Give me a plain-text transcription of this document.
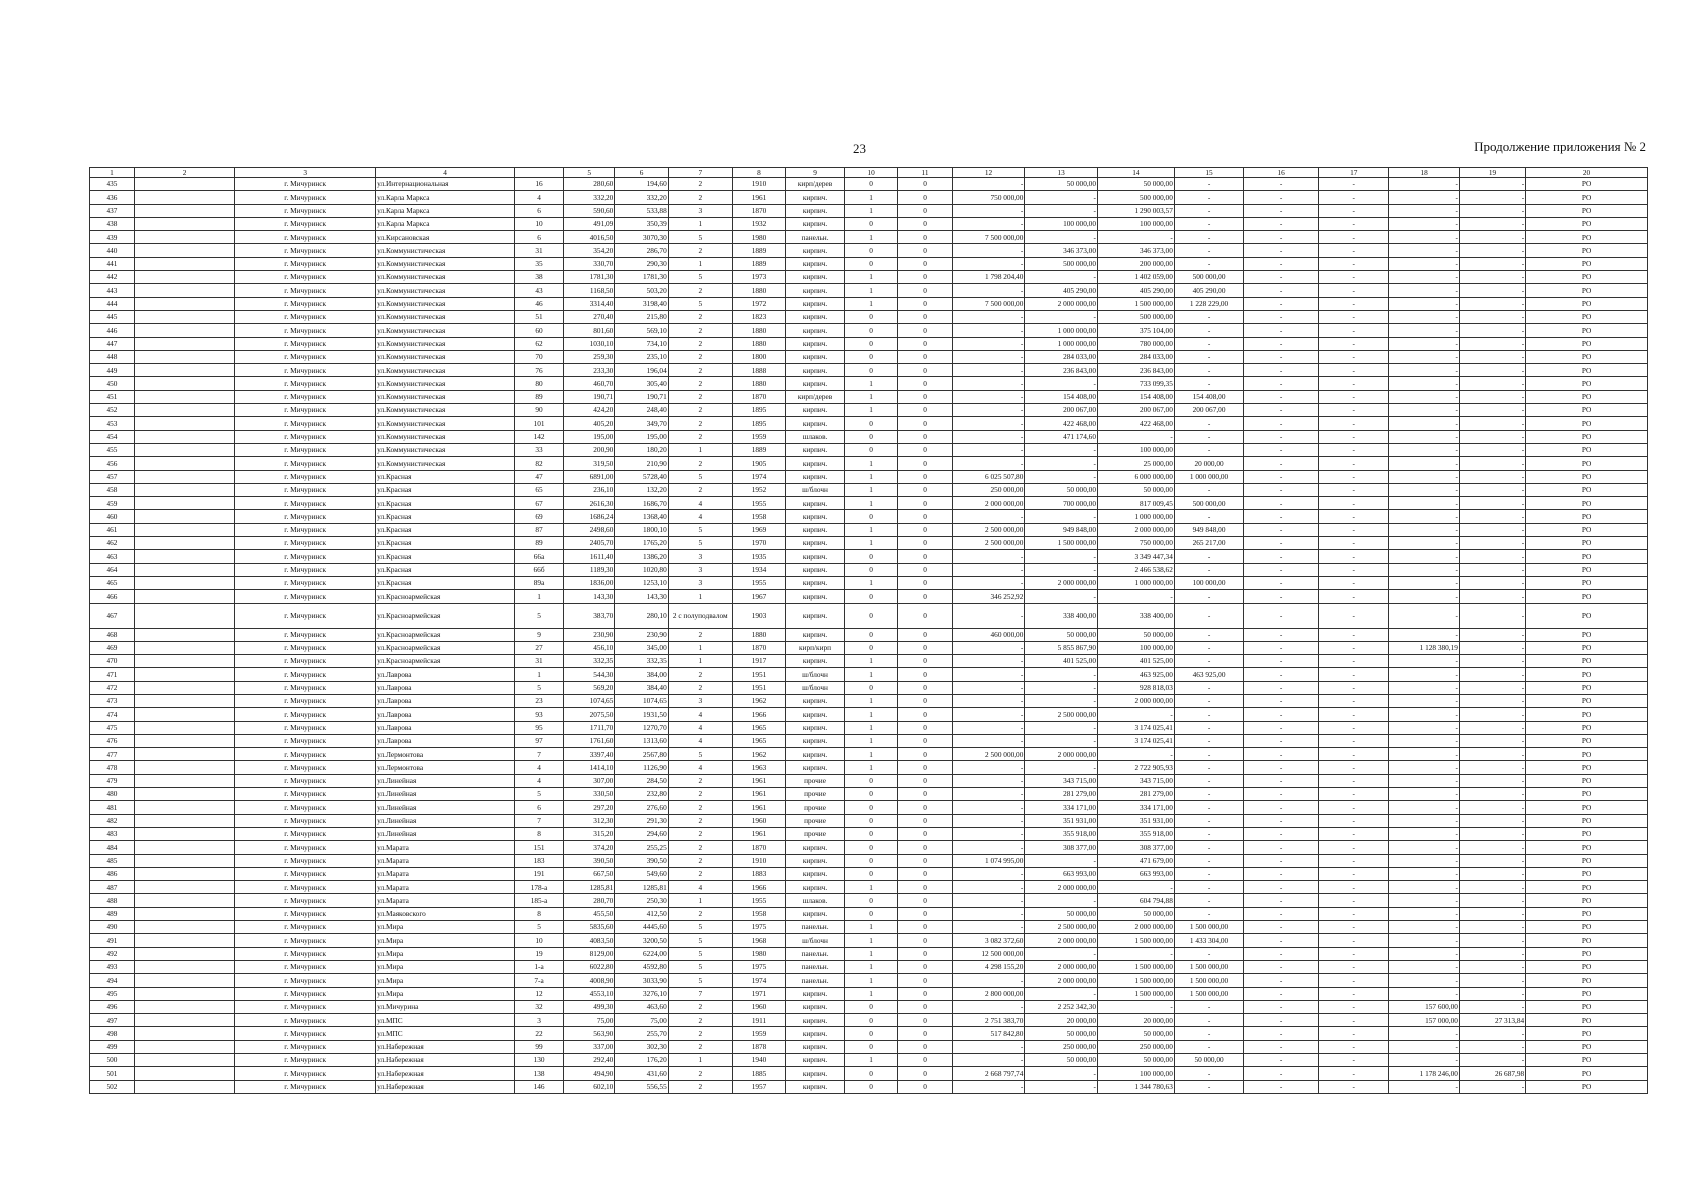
23	Продолжение приложения № 2
1	2	3	4		5	6	7	8	9	10	11	12	13	14	15	16	17	18	19	20
435		г. Мичуринск	ул.Интернациональная	16	280,60	194,60	2	1910	кирп/дерев	0	0	-	50 000,00	50 000,00	-	-	-	-	-	РО
436		г. Мичуринск	ул.Карла Маркса	4	332,20	332,20	2	1961	кирпич.	1	0	750 000,00	-	500 000,00	-	-	-	-	-	РО
437		г. Мичуринск	ул.Карла Маркса	6	590,60	533,88	3	1870	кирпич.	1	0	-	-	1 290 003,57	-	-	-	-	-	РО
438		г. Мичуринск	ул.Карла Маркса	10	491,09	350,39	1	1932	кирпич.	0	0	-	100 000,00	100 000,00	-	-	-	-	-	РО
439		г. Мичуринск	ул.Кирсановская	6	4016,50	3070,30	5	1980	панельн.	1	0	7 500 000,00	-	-	-	-	-	-	-	РО
440		г. Мичуринск	ул.Коммунистическая	31	354,20	286,70	2	1889	кирпич.	0	0	-	346 373,00	346 373,00	-	-	-	-	-	РО
441		г. Мичуринск	ул.Коммунистическая	35	330,70	290,30	1	1889	кирпич.	0	0	-	500 000,00	200 000,00	-	-	-	-	-	РО
442		г. Мичуринск	ул.Коммунистическая	38	1781,30	1781,30	5	1973	кирпич.	1	0	1 798 204,40	-	1 402 059,00	500 000,00	-	-	-	-	РО
443		г. Мичуринск	ул.Коммунистическая	43	1168,50	503,20	2	1880	кирпич.	1	0	-	405 290,00	405 290,00	405 290,00	-	-	-	-	РО
444		г. Мичуринск	ул.Коммунистическая	46	3314,40	3198,40	5	1972	кирпич.	1	0	7 500 000,00	2 000 000,00	1 500 000,00	1 228 229,00	-	-	-	-	РО
445		г. Мичуринск	ул.Коммунистическая	51	270,40	215,80	2	1823	кирпич.	0	0	-	-	500 000,00	-	-	-	-	-	РО
446		г. Мичуринск	ул.Коммунистическая	60	801,60	569,10	2	1880	кирпич.	0	0	-	1 000 000,00	375 104,00	-	-	-	-	-	РО
447		г. Мичуринск	ул.Коммунистическая	62	1030,10	734,10	2	1880	кирпич.	0	0	-	1 000 000,00	780 000,00	-	-	-	-	-	РО
448		г. Мичуринск	ул.Коммунистическая	70	259,30	235,10	2	1800	кирпич.	0	0	-	284 033,00	284 033,00	-	-	-	-	-	РО
449		г. Мичуринск	ул.Коммунистическая	76	233,30	196,04	2	1888	кирпич.	0	0	-	236 843,00	236 843,00	-	-	-	-	-	РО
450		г. Мичуринск	ул.Коммунистическая	80	460,70	305,40	2	1880	кирпич.	1	0	-	-	733 099,35	-	-	-	-	-	РО
451		г. Мичуринск	ул.Коммунистическая	89	190,71	190,71	2	1870	кирп/дерев	1	0	-	154 408,00	154 408,00	154 408,00	-	-	-	-	РО
452		г. Мичуринск	ул.Коммунистическая	90	424,20	248,40	2	1895	кирпич.	1	0	-	200 067,00	200 067,00	200 067,00	-	-	-	-	РО
453		г. Мичуринск	ул.Коммунистическая	101	405,20	349,70	2	1895	кирпич.	0	0	-	422 468,00	422 468,00	-	-	-	-	-	РО
454		г. Мичуринск	ул.Коммунистическая	142	195,00	195,00	2	1959	шлаков.	0	0	-	471 174,60	-	-	-	-	-	-	РО
455		г. Мичуринск	ул.Коммунистическая	33	200,90	180,20	1	1889	кирпич.	0	0	-	-	100 000,00	-	-	-	-	-	РО
456		г. Мичуринск	ул.Коммунистическая	82	319,50	210,90	2	1905	кирпич.	1	0	-	-	25 000,00	20 000,00	-	-	-	-	РО
457		г. Мичуринск	ул.Красная	47	6891,00	5728,40	5	1974	кирпич.	1	0	6 025 507,80	-	6 000 000,00	1 000 000,00	-	-	-	-	РО
458		г. Мичуринск	ул.Красная	65	236,10	132,20	2	1952	ш/блочн	1	0	250 000,00	50 000,00	50 000,00	-	-	-	-	-	РО
459		г. Мичуринск	ул.Красная	67	2616,30	1686,70	4	1955	кирпич.	1	0	2 000 000,00	700 000,00	817 009,45	500 000,00	-	-	-	-	РО
460		г. Мичуринск	ул.Красная	69	1686,24	1368,40	4	1958	кирпич.	0	0	-	-	1 000 000,00	-	-	-	-	-	РО
461		г. Мичуринск	ул.Красная	87	2498,60	1800,10	5	1969	кирпич.	1	0	2 500 000,00	949 848,00	2 000 000,00	949 848,00	-	-	-	-	РО
462		г. Мичуринск	ул.Красная	89	2405,70	1765,20	5	1970	кирпич.	1	0	2 500 000,00	1 500 000,00	750 000,00	265 217,00	-	-	-	-	РО
463		г. Мичуринск	ул.Красная	66а	1611,40	1386,20	3	1935	кирпич.	0	0	-	-	3 349 447,34	-	-	-	-	-	РО
464		г. Мичуринск	ул.Красная	66б	1189,30	1020,80	3	1934	кирпич.	0	0	-	-	2 466 538,62	-	-	-	-	-	РО
465		г. Мичуринск	ул.Красная	89а	1836,00	1253,10	3	1955	кирпич.	1	0	-	2 000 000,00	1 000 000,00	100 000,00	-	-	-	-	РО
466		г. Мичуринск	ул.Красноармейская	1	143,30	143,30	1	1967	кирпич.	0	0	346 252,92	-	-	-	-	-	-	-	РО
467		г. Мичуринск	ул.Красноармейская	5	383,70	280,10	2 с полуподвалом	1903	кирпич.	0	0	-	338 400,00	338 400,00	-	-	-	-	-	РО
468		г. Мичуринск	ул.Красноармейская	9	230,90	230,90	2	1880	кирпич.	0	0	460 000,00	50 000,00	50 000,00	-	-	-	-	-	РО
469		г. Мичуринск	ул.Красноармейская	27	456,10	345,00	1	1870	кирп/кирп	0	0	-	5 855 867,90	100 000,00	-	-	-	1 128 380,19	-	РО
470		г. Мичуринск	ул.Красноармейская	31	332,35	332,35	1	1917	кирпич.	1	0	-	401 525,00	401 525,00	-	-	-	-	-	РО
471		г. Мичуринск	ул.Лаврова	1	544,30	384,00	2	1951	ш/блочн	1	0	-	-	463 925,00	463 925,00	-	-	-	-	РО
472		г. Мичуринск	ул.Лаврова	5	569,20	384,40	2	1951	ш/блочн	0	0	-	-	928 818,03	-	-	-	-	-	РО
473		г. Мичуринск	ул.Лаврова	23	1074,65	1074,65	3	1962	кирпич.	1	0	-	-	2 000 000,00	-	-	-	-	-	РО
474		г. Мичуринск	ул.Лаврова	93	2075,50	1931,50	4	1966	кирпич.	1	0	-	2 500 000,00	-	-	-	-	-	-	РО
475		г. Мичуринск	ул.Лаврова	95	1711,70	1270,70	4	1965	кирпич.	1	0	-	-	3 174 025,41	-	-	-	-	-	РО
476		г. Мичуринск	ул.Лаврова	97	1761,60	1313,60	4	1965	кирпич.	1	0	-	-	3 174 025,41	-	-	-	-	-	РО
477		г. Мичуринск	ул.Лермонтова	7	3397,40	2567,80	5	1962	кирпич.	1	0	2 500 000,00	2 000 000,00	-	-	-	-	-	-	РО
478		г. Мичуринск	ул.Лермонтова	4	1414,10	1126,90	4	1963	кирпич.	1	0	-	-	2 722 905,93	-	-	-	-	-	РО
479		г. Мичуринск	ул.Линейная	4	307,00	284,50	2	1961	прочие	0	0	-	343 715,00	343 715,00	-	-	-	-	-	РО
480		г. Мичуринск	ул.Линейная	5	330,50	232,80	2	1961	прочие	0	0	-	281 279,00	281 279,00	-	-	-	-	-	РО
481		г. Мичуринск	ул.Линейная	6	297,20	276,60	2	1961	прочие	0	0	-	334 171,00	334 171,00	-	-	-	-	-	РО
482		г. Мичуринск	ул.Линейная	7	312,30	291,30	2	1960	прочие	0	0	-	351 931,00	351 931,00	-	-	-	-	-	РО
483		г. Мичуринск	ул.Линейная	8	315,20	294,60	2	1961	прочие	0	0	-	355 918,00	355 918,00	-	-	-	-	-	РО
484		г. Мичуринск	ул.Марата	151	374,20	255,25	2	1870	кирпич.	0	0	-	308 377,00	308 377,00	-	-	-	-	-	РО
485		г. Мичуринск	ул.Марата	183	390,50	390,50	2	1910	кирпич.	0	0	1 074 995,00	-	471 679,00	-	-	-	-	-	РО
486		г. Мичуринск	ул.Марата	191	667,50	549,60	2	1883	кирпич.	0	0	-	663 993,00	663 993,00	-	-	-	-	-	РО
487		г. Мичуринск	ул.Марата	178-а	1285,81	1285,81	4	1966	кирпич.	1	0	-	2 000 000,00	-	-	-	-	-	-	РО
488		г. Мичуринск	ул.Марата	185-а	280,70	250,30	1	1955	шлаков.	0	0	-	-	604 794,88	-	-	-	-	-	РО
489		г. Мичуринск	ул.Маяковского	8	455,50	412,50	2	1958	кирпич.	0	0	-	50 000,00	50 000,00	-	-	-	-	-	РО
490		г. Мичуринск	ул.Мира	5	5835,60	4445,60	5	1975	панельн.	1	0	-	2 500 000,00	2 000 000,00	1 500 000,00	-	-	-	-	РО
491		г. Мичуринск	ул.Мира	10	4083,50	3200,50	5	1968	ш/блочн	1	0	3 082 372,60	2 000 000,00	1 500 000,00	1 433 304,00	-	-	-	-	РО
492		г. Мичуринск	ул.Мира	19	8129,00	6224,00	5	1980	панельн.	1	0	12 500 000,00	-	-	-	-	-	-	-	РО
493		г. Мичуринск	ул.Мира	1-а	6022,80	4592,80	5	1975	панельн.	1	0	4 298 155,20	2 000 000,00	1 500 000,00	1 500 000,00	-	-	-	-	РО
494		г. Мичуринск	ул.Мира	7-а	4008,90	3033,90	5	1974	панельн.	1	0	-	2 000 000,00	1 500 000,00	1 500 000,00	-	-	-	-	РО
495		г. Мичуринск	ул.Мира	12	4553,10	3276,10	7	1971	кирпич.	1	0	2 800 000,00	-	1 500 000,00	1 500 000,00	-	-	-	-	РО
496		г. Мичуринск	ул.Мичурина	32	499,30	463,60	2	1960	кирпич.	0	0	-	2 252 342,30	-	-	-	-	157 600,00	-	РО
497		г. Мичуринск	ул.МПС	3	75,00	75,00	2	1911	кирпич.	0	0	2 751 383,70	20 000,00	20 000,00	-	-	-	157 000,00	27 313,84	РО
498		г. Мичуринск	ул.МПС	22	563,90	255,70	2	1959	кирпич.	0	0	517 842,80	50 000,00	50 000,00	-	-	-	-	-	РО
499		г. Мичуринск	ул.Набережная	99	337,00	302,30	2	1878	кирпич.	0	0	-	250 000,00	250 000,00	-	-	-	-	-	РО
500		г. Мичуринск	ул.Набережная	130	292,40	176,20	1	1940	кирпич.	1	0	-	50 000,00	50 000,00	50 000,00	-	-	-	-	РО
501		г. Мичуринск	ул.Набережная	138	494,90	431,60	2	1885	кирпич.	0	0	2 668 797,74	-	100 000,00	-	-	-	1 178 246,00	26 687,98	РО
502		г. Мичуринск	ул.Набережная	146	602,10	556,55	2	1957	кирпич.	0	0	-	-	1 344 780,63	-	-	-	-	-	РО
